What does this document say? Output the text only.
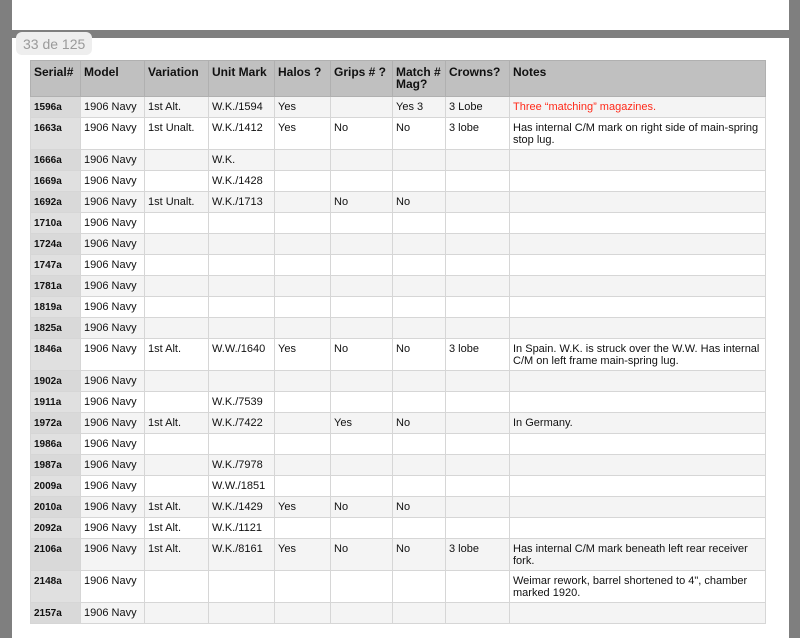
33 de 125
Serial#	Model	Variation	Unit Mark	Halos ?	Grips # ?	Match # Mag?	Crowns?	Notes
1596a	1906 Navy	1st Alt.	W.K./1594	Yes		Yes 3	3 Lobe	Three “matching” magazines.
1663a	1906 Navy	1st Unalt.	W.K./1412	Yes	No	No	3 lobe	Has internal C/M mark on right side of main-spring stop lug.
1666a	1906 Navy		W.K.					
1669a	1906 Navy		W.K./1428					
1692a	1906 Navy	1st Unalt.	W.K./1713		No	No		
1710a	1906 Navy							
1724a	1906 Navy							
1747a	1906 Navy							
1781a	1906 Navy							
1819a	1906 Navy							
1825a	1906 Navy							
1846a	1906 Navy	1st Alt.	W.W./1640	Yes	No	No	3 lobe	In Spain. W.K. is struck over the W.W. Has internal C/M on left frame main-spring lug.
1902a	1906 Navy							
1911a	1906 Navy		W.K./7539					
1972a	1906 Navy	1st Alt.	W.K./7422		Yes	No		In Germany.
1986a	1906 Navy							
1987a	1906 Navy		W.K./7978					
2009a	1906 Navy		W.W./1851					
2010a	1906 Navy	1st Alt.	W.K./1429	Yes	No	No		
2092a	1906 Navy	1st Alt.	W.K./1121					
2106a	1906 Navy	1st Alt.	W.K./8161	Yes	No	No	3 lobe	Has internal C/M mark beneath left rear receiver fork.
2148a	1906 Navy							Weimar rework, barrel shortened to 4", chamber marked 1920.
2157a	1906 Navy							
